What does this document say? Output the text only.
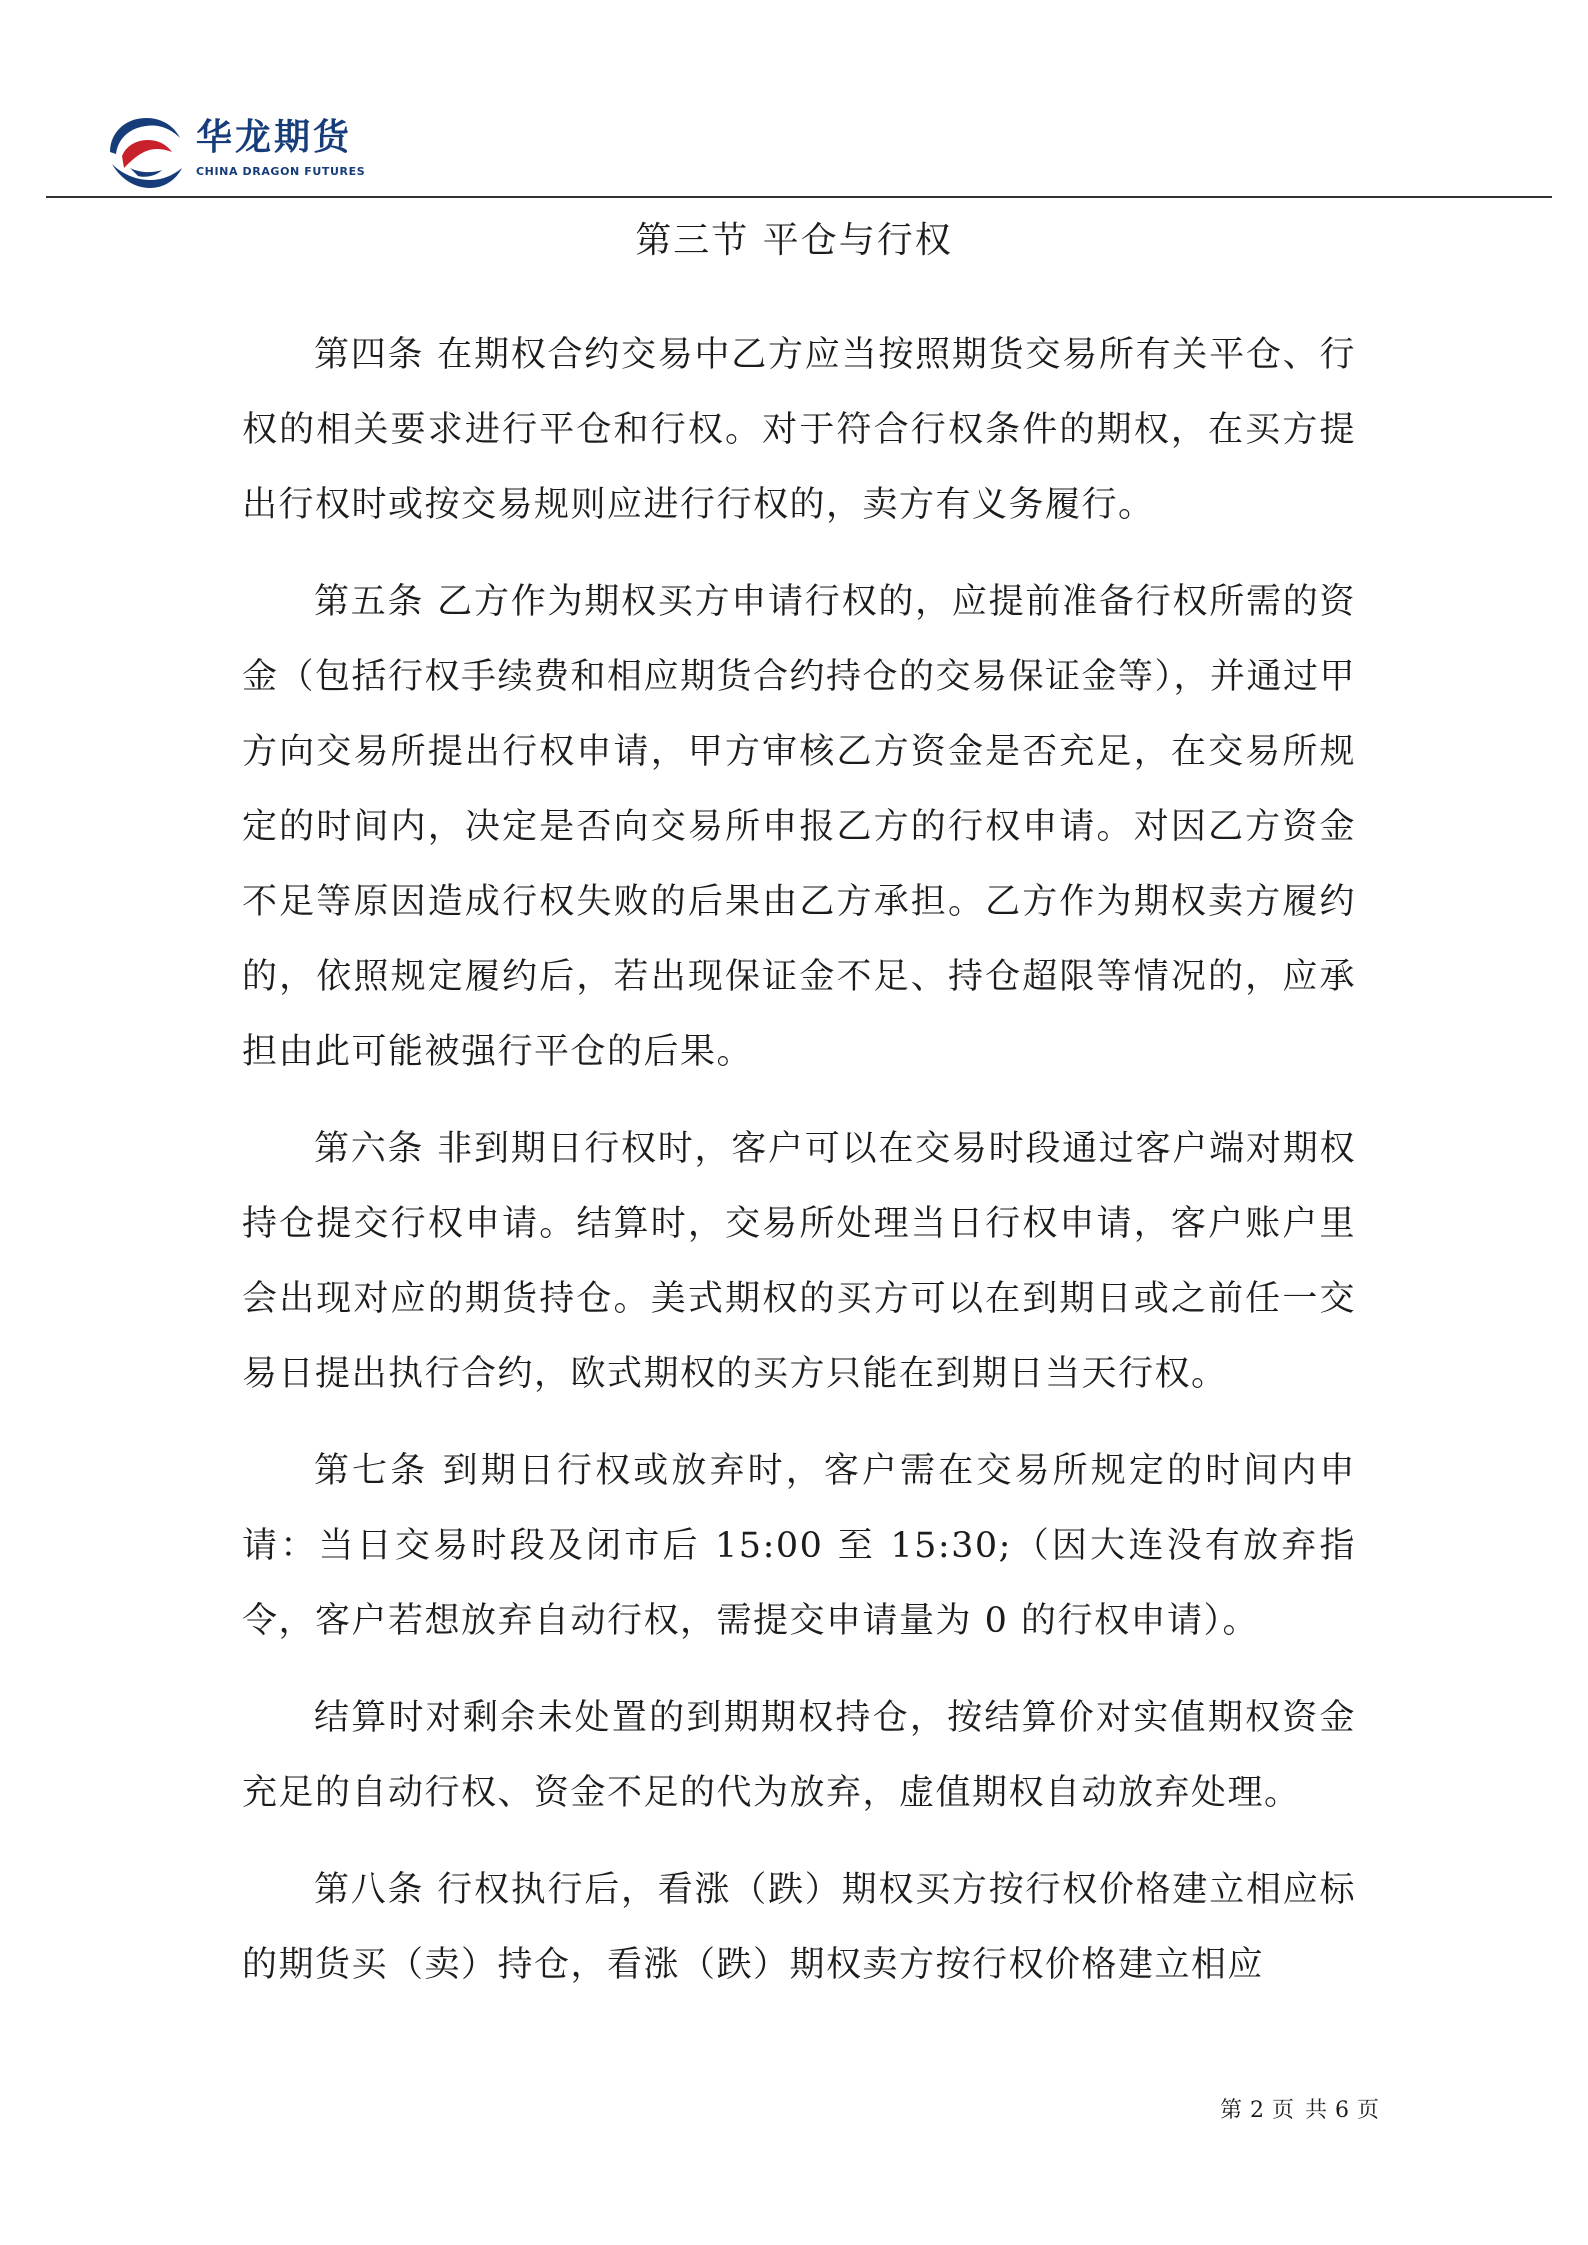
华龙期货
CHINA DRAGON FUTURES
第三节 平仓与行权

第四条 在期权合约交易中乙方应当按照期货交易所有关平仓、行权的相关要求进行平仓和行权。对于符合行权条件的期权，在买方提出行权时或按交易规则应进行行权的，卖方有义务履行。

第五条 乙方作为期权买方申请行权的，应提前准备行权所需的资金（包括行权手续费和相应期货合约持仓的交易保证金等），并通过甲方向交易所提出行权申请，甲方审核乙方资金是否充足，在交易所规定的时间内，决定是否向交易所申报乙方的行权申请。对因乙方资金不足等原因造成行权失败的后果由乙方承担。乙方作为期权卖方履约的，依照规定履约后，若出现保证金不足、持仓超限等情况的，应承担由此可能被强行平仓的后果。

第六条 非到期日行权时，客户可以在交易时段通过客户端对期权持仓提交行权申请。结算时，交易所处理当日行权申请，客户账户里会出现对应的期货持仓。美式期权的买方可以在到期日或之前任一交易日提出执行合约，欧式期权的买方只能在到期日当天行权。

第七条 到期日行权或放弃时，客户需在交易所规定的时间内申请：当日交易时段及闭市后 15:00 至 15:30;（因大连没有放弃指令，客户若想放弃自动行权，需提交申请量为 0 的行权申请）。

结算时对剩余未处置的到期期权持仓，按结算价对实值期权资金充足的自动行权、资金不足的代为放弃，虚值期权自动放弃处理。

第八条 行权执行后，看涨（跌）期权买方按行权价格建立相应标的期货买（卖）持仓，看涨（跌）期权卖方按行权价格建立相应

第 2 页 共 6 页
